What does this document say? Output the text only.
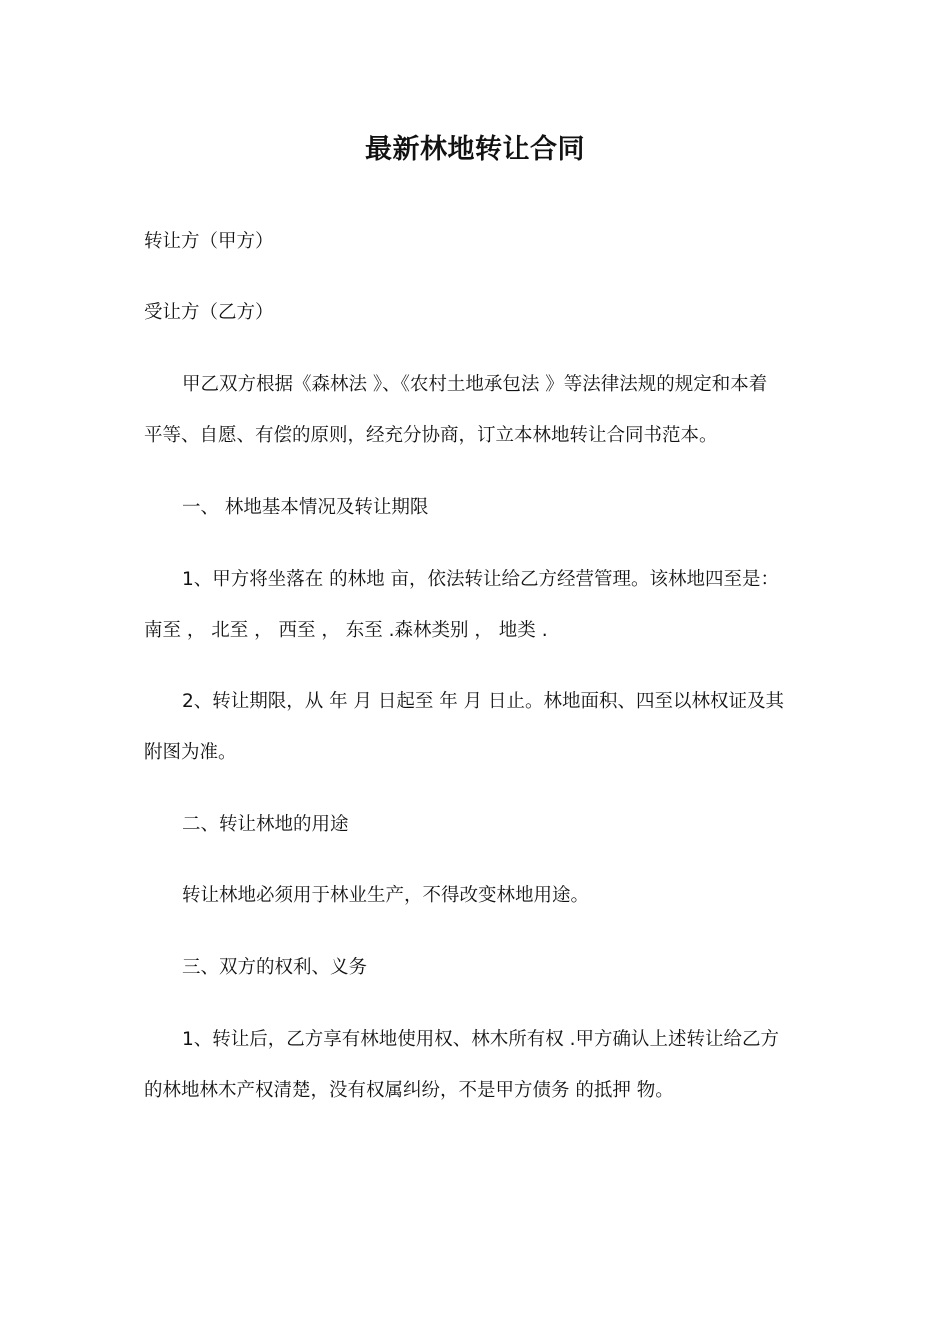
最新林地转让合同
转让方（甲方）
受让方（乙方）
甲乙双方根据《森林法 》、《农村土地承包法 》等法律法规的规定和本着
平等、自愿、有偿的原则，经充分协商，订立本林地转让合同书范本。
一、 林地基本情况及转让期限
1、甲方将坐落在 的林地 亩，依法转让给乙方经营管理。该林地四至是：
南至 ， 北至 ， 西至 ， 东至 .森林类别 ， 地类 .
2、转让期限，从 年 月 日起至 年 月 日止。林地面积、四至以林权证及其
附图为准。
二、转让林地的用途
转让林地必须用于林业生产，不得改变林地用途。
三、双方的权利、义务
1、转让后，乙方享有林地使用权、林木所有权 .甲方确认上述转让给乙方
的林地林木产权清楚，没有权属纠纷，不是甲方债务 的抵押 物。
